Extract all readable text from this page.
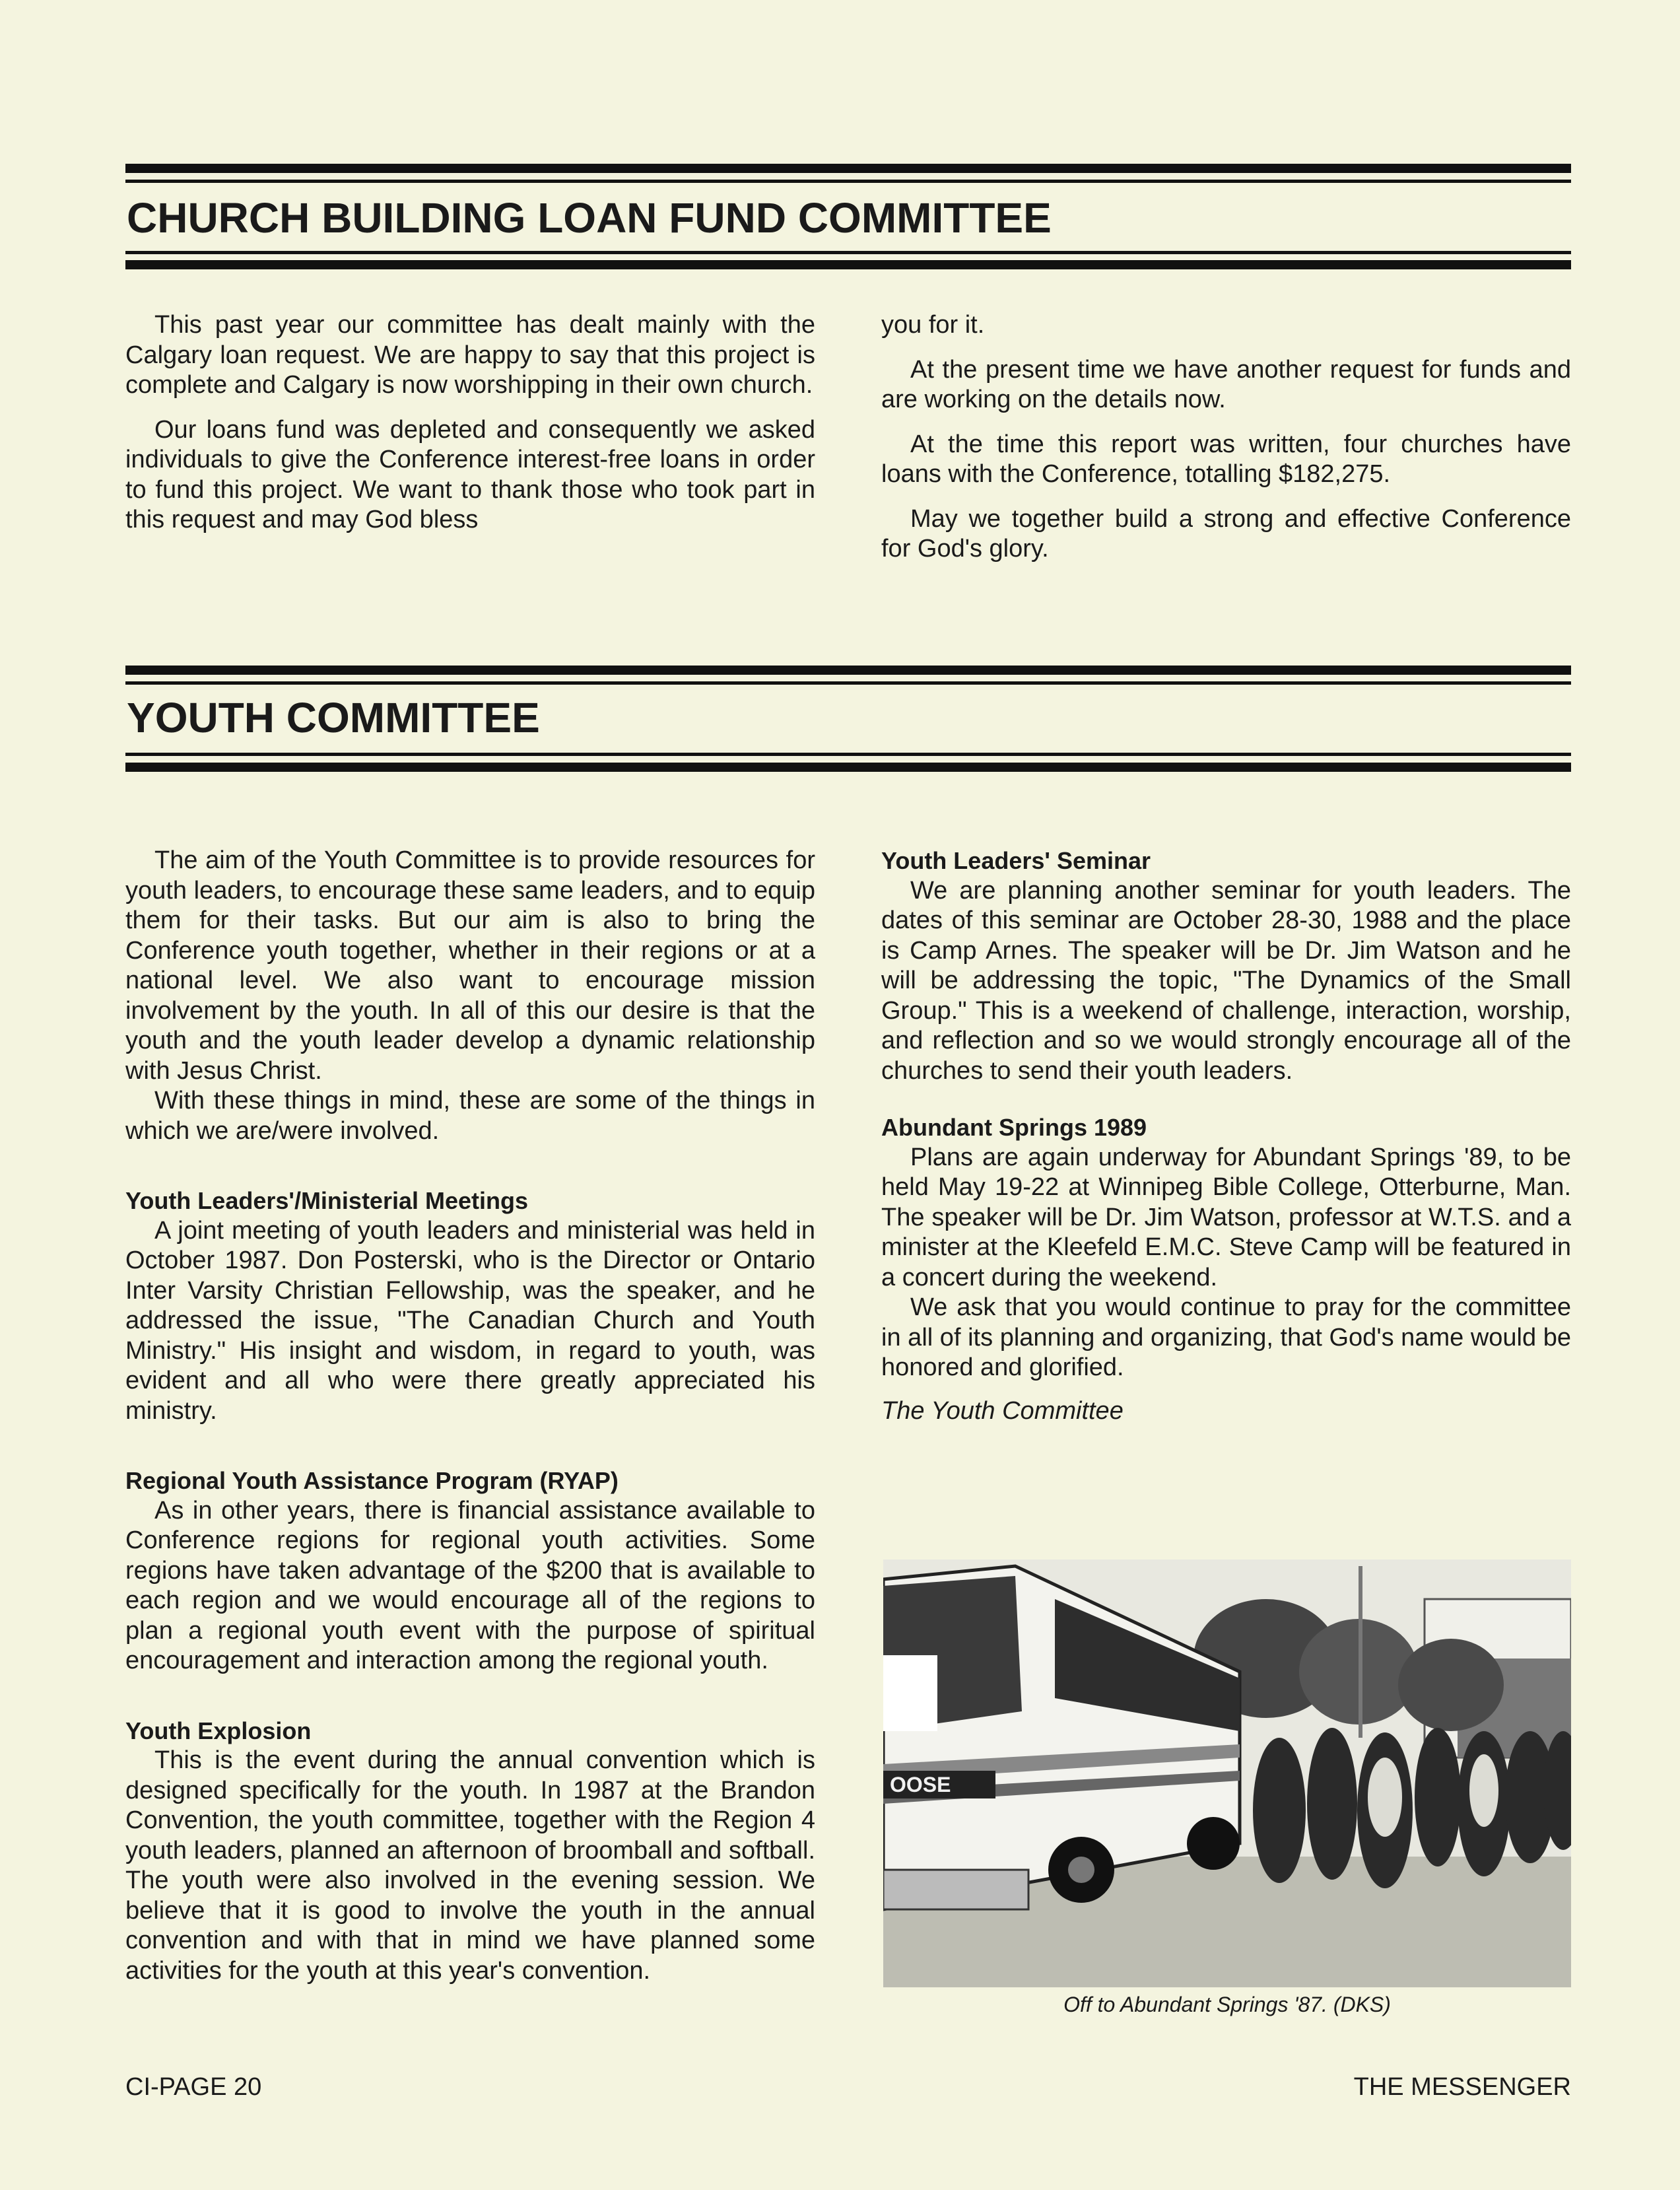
CHURCH BUILDING LOAN FUND COMMITTEE

This past year our committee has dealt mainly with the Calgary loan request. We are happy to say that this project is complete and Calgary is now worshipping in their own church.

Our loans fund was depleted and consequently we asked individuals to give the Conference interest-free loans in order to fund this project. We want to thank those who took part in this request and may God bless

you for it.

At the present time we have another request for funds and are working on the details now.

At the time this report was written, four churches have loans with the Conference, totalling $182,275.

May we together build a strong and effective Conference for God's glory.

YOUTH COMMITTEE

The aim of the Youth Committee is to provide resources for youth leaders, to encourage these same leaders, and to equip them for their tasks. But our aim is also to bring the Conference youth together, whether in their regions or at a national level. We also want to encourage mission involvement by the youth. In all of this our desire is that the youth and the youth leader develop a dynamic relationship with Jesus Christ.

With these things in mind, these are some of the things in which we are/were involved.

Youth Leaders'/Ministerial Meetings

A joint meeting of youth leaders and ministerial was held in October 1987. Don Posterski, who is the Director or Ontario Inter Varsity Christian Fellowship, was the speaker, and he addressed the issue, "The Canadian Church and Youth Ministry." His insight and wisdom, in regard to youth, was evident and all who were there greatly appreciated his ministry.

Regional Youth Assistance Program (RYAP)

As in other years, there is financial assistance available to Conference regions for regional youth activities. Some regions have taken advantage of the $200 that is available to each region and we would encourage all of the regions to plan a regional youth event with the purpose of spiritual encouragement and interaction among the regional youth.

Youth Explosion

This is the event during the annual convention which is designed specifically for the youth. In 1987 at the Brandon Convention, the youth committee, together with the Region 4 youth leaders, planned an afternoon of broomball and softball. The youth were also involved in the evening session. We believe that it is good to involve the youth in the annual convention and with that in mind we have planned some activities for the youth at this year's convention.

Youth Leaders' Seminar

We are planning another seminar for youth leaders. The dates of this seminar are October 28-30, 1988 and the place is Camp Arnes. The speaker will be Dr. Jim Watson and he will be addressing the topic, "The Dynamics of the Small Group." This is a weekend of challenge, interaction, worship, and reflection and so we would strongly encourage all of the churches to send their youth leaders.

Abundant Springs 1989

Plans are again underway for Abundant Springs '89, to be held May 19-22 at Winnipeg Bible College, Otterburne, Man. The speaker will be Dr. Jim Watson, professor at W.T.S. and a minister at the Kleefeld E.M.C. Steve Camp will be featured in a concert during the weekend.

We ask that you would continue to pray for the committee in all of its planning and organizing, that God's name would be honored and glorified.

The Youth Committee

OOSE
Off to Abundant Springs '87. (DKS)
CI-PAGE 20	THE MESSENGER
